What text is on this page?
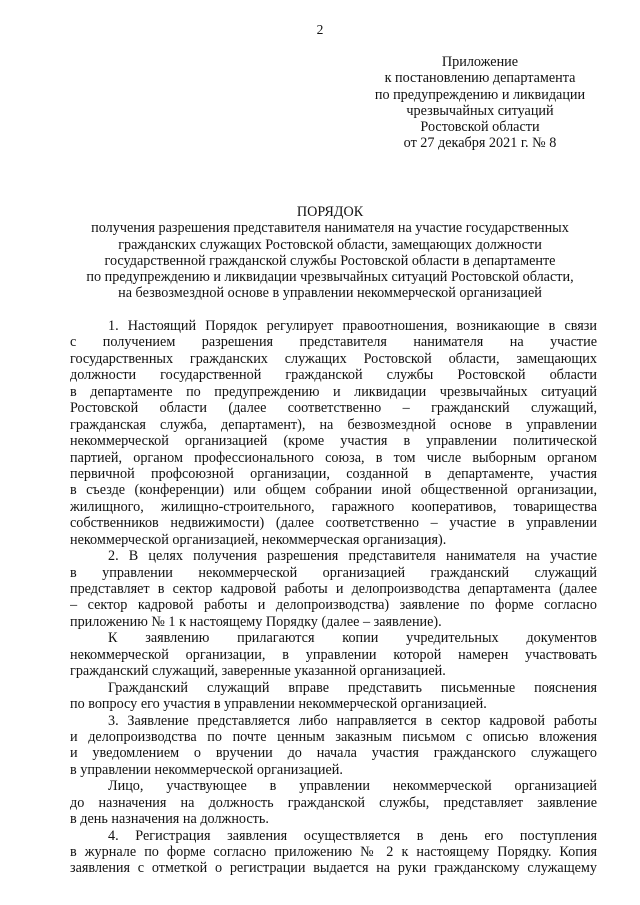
2
Приложение
к постановлению департамента
по предупреждению и ликвидации
чрезвычайных ситуаций
Ростовской области
от 27 декабря 2021 г. № 8
ПОРЯДОК
получения разрешения представителя нанимателя на участие государственных
гражданских служащих Ростовской области, замещающих должности
государственной гражданской службы Ростовской области в департаменте
по предупреждению и ликвидации чрезвычайных ситуаций Ростовской области,
на безвозмездной основе в управлении некоммерческой организацией
1. Настоящий Порядок регулирует правоотношения, возникающие в связи
с получением разрешения представителя нанимателя на участие
государственных гражданских служащих Ростовской области, замещающих
должности государственной гражданской службы Ростовской области
в департаменте по предупреждению и ликвидации чрезвычайных ситуаций
Ростовской области (далее соответственно – гражданский служащий,
гражданская служба, департамент), на безвозмездной основе в управлении
некоммерческой организацией (кроме участия в управлении политической
партией, органом профессионального союза, в том числе выборным органом
первичной профсоюзной организации, созданной в департаменте, участия
в съезде (конференции) или общем собрании иной общественной организации,
жилищного, жилищно-строительного, гаражного кооперативов, товарищества
собственников недвижимости) (далее соответственно – участие в управлении
некоммерческой организацией, некоммерческая организация).
2. В целях получения разрешения представителя нанимателя на участие
в управлении некоммерческой организацией гражданский служащий
представляет в сектор кадровой работы и делопроизводства департамента (далее
– сектор кадровой работы и делопроизводства) заявление по форме согласно
приложению № 1 к настоящему Порядку (далее – заявление).
К заявлению прилагаются копии учредительных документов
некоммерческой организации, в управлении которой намерен участвовать
гражданский служащий, заверенные указанной организацией.
Гражданский служащий вправе представить письменные пояснения
по вопросу его участия в управлении некоммерческой организацией.
3. Заявление представляется либо направляется в сектор кадровой работы
и делопроизводства по почте ценным заказным письмом с описью вложения
и уведомлением о вручении до начала участия гражданского служащего
в управлении некоммерческой организацией.
Лицо, участвующее в управлении некоммерческой организацией
до назначения на должность гражданской службы, представляет заявление
в день назначения на должность.
4. Регистрация заявления осуществляется в день его поступления
в журнале по форме согласно приложению № 2 к настоящему Порядку. Копия
заявления с отметкой о регистрации выдается на руки гражданскому служащему
